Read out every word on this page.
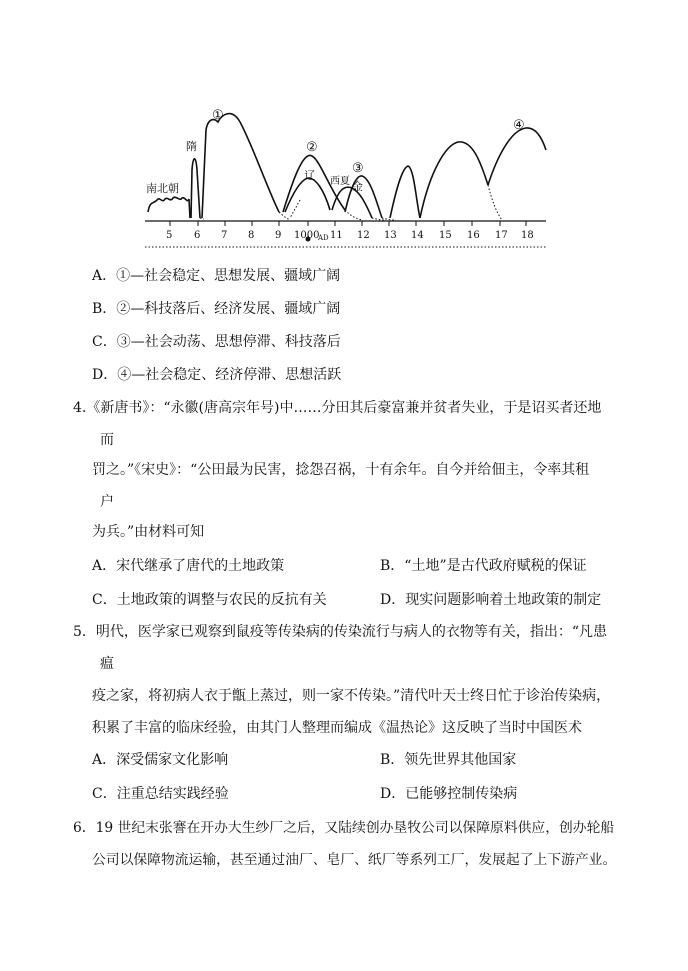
5 6 7 8 9 1000
AD 11 12 13 14 15 16 17 18
南北朝
隋
①
②
辽 西夏
③
金
④
A．①—社会稳定、思想发展、疆域广阔
B．②—科技落后、经济发展、疆域广阔
C．③—社会动荡、思想停滞、科技落后
D．④—社会稳定、经济停滞、思想活跃
4.《新唐书》：“永徽(唐高宗年号)中……分田其后豪富兼并贫者失业，于是诏买者还地
而
罚之。”《宋史》：“公田最为民害，捻怨召祸，十有余年。自今并给佃主，令率其租
户
为兵。”由材料可知
A．宋代继承了唐代的土地政策	B．“土地”是古代政府赋税的保证
C．土地政策的调整与农民的反抗有关	D．现实问题影响着土地政策的制定
5．明代，医学家已观察到鼠疫等传染病的传染流行与病人的衣物等有关，指出：“凡患
瘟
疫之家，将初病人衣于甑上蒸过，则一家不传染。”清代叶天士终日忙于诊治传染病，
积累了丰富的临床经验，由其门人整理而编成《温热论》这反映了当时中国医术
A．深受儒家文化影响	B．领先世界其他国家
C．注重总结实践经验	D．已能够控制传染病
6．19 世纪末张謇在开办大生纱厂之后，又陆续创办垦牧公司以保障原料供应，创办轮船
公司以保障物流运输，甚至通过油厂、皂厂、纸厂等系列工厂，发展起了上下游产业。
